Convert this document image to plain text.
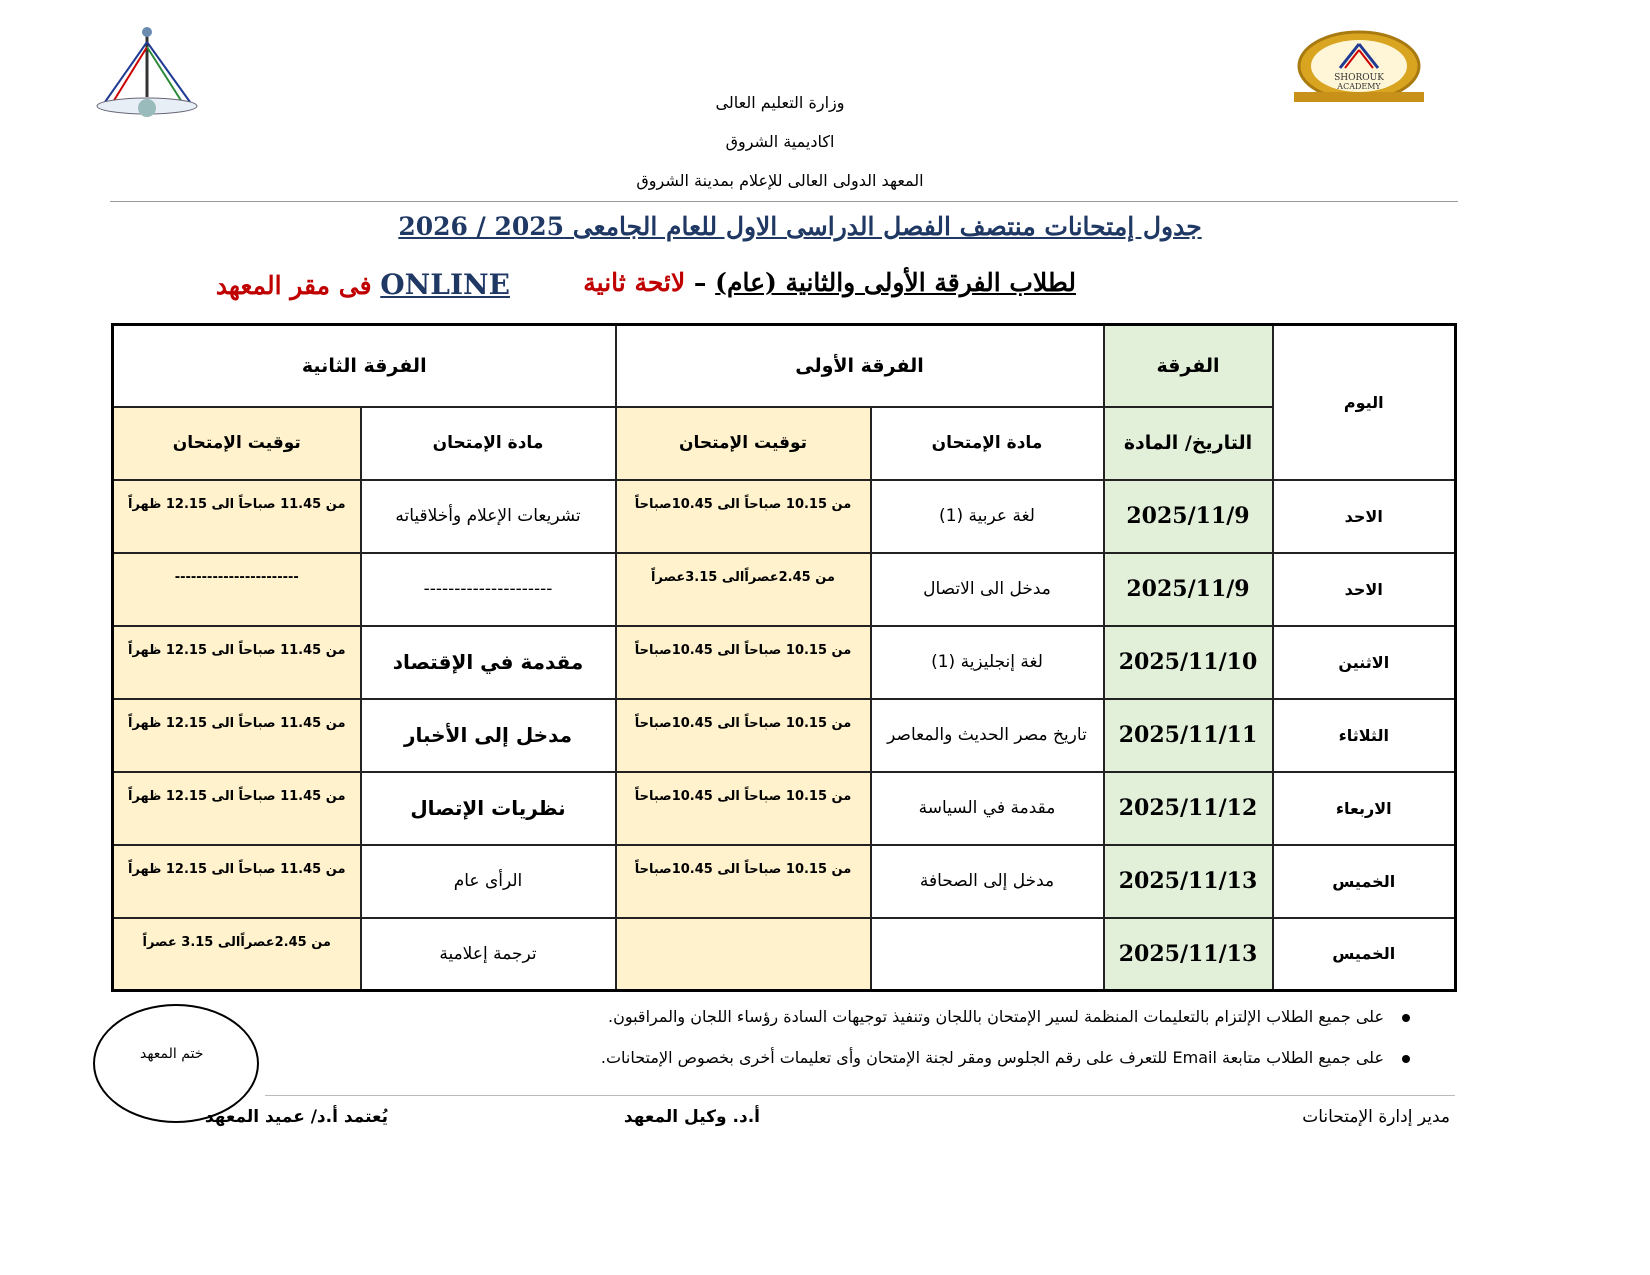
SHOROUK
ACADEMY
وزارة التعليم العالى
اكاديمية الشروق
المعهد الدولى العالى للإعلام بمدينة الشروق
جدول إمتحانات منتصف الفصل الدراسى الاول للعام الجامعى 2025 / 2026
لطلاب الفرقة الأولى والثانية (عام) – لائحة ثانية
ONLINE فى مقر المعهد
اليوم	الفرقة	الفرقة الأولى		الفرقة الثانية	
	التاريخ/ المادة	مادة الإمتحان	توقيت الإمتحان	مادة الإمتحان	توقيت الإمتحان
الاحد	2025/11/9	لغة عربية (1)	من 10.15 صباحاً الى 10.45صباحاً	تشريعات الإعلام وأخلاقياته	من 11.45 صباحاً الى 12.15 ظهراً
الاحد	2025/11/9	مدخل الى الاتصال	من 2.45عصراًالى 3.15عصراً	---------------------	-----------------------
الاثنين	2025/11/10	لغة إنجليزية (1)	من 10.15 صباحاً الى 10.45صباحاً	مقدمة في الإقتصاد	من 11.45 صباحاً الى 12.15 ظهراً
الثلاثاء	2025/11/11	تاريخ مصر الحديث والمعاصر	من 10.15 صباحاً الى 10.45صباحاً	مدخل إلى الأخبار	من 11.45 صباحاً الى 12.15 ظهراً
الاربعاء	2025/11/12	مقدمة في السياسة	من 10.15 صباحاً الى 10.45صباحاً	نظريات الإتصال	من 11.45 صباحاً الى 12.15 ظهراً
الخميس	2025/11/13	مدخل إلى الصحافة	من 10.15 صباحاً الى 10.45صباحاً	الرأى عام	من 11.45 صباحاً الى 12.15 ظهراً
الخميس	2025/11/13			ترجمة إعلامية	من 2.45عصراًالى 3.15 عصراً
على جميع الطلاب الإلتزام بالتعليمات المنظمة لسير الإمتحان باللجان وتنفيذ توجيهات السادة رؤساء اللجان والمراقبون.
على جميع الطلاب متابعة Email للتعرف على رقم الجلوس ومقر لجنة الإمتحان وأى تعليمات أخرى بخصوص الإمتحانات.
ختم المعهد
مدير إدارة الإمتحانات
أ.د. وكيل المعهد
يُعتمد أ.د/ عميد المعهد
